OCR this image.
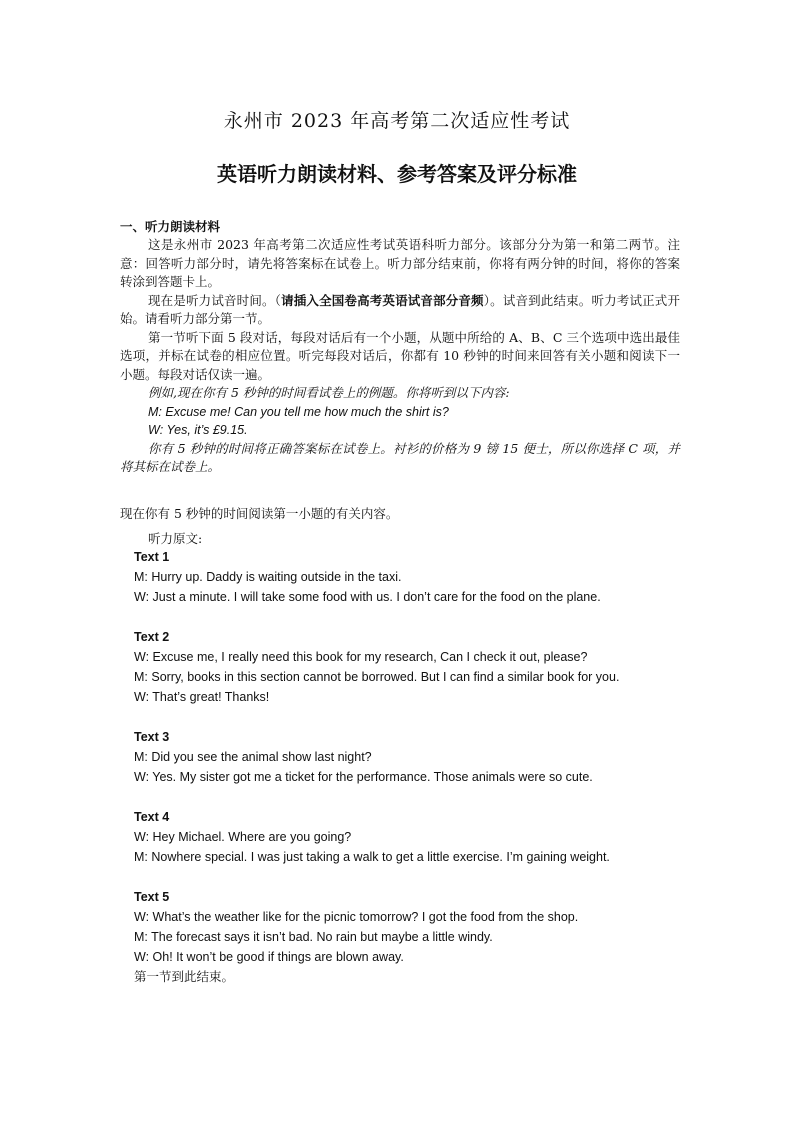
永州市 2023 年高考第二次适应性考试
英语听力朗读材料、参考答案及评分标准
一、听力朗读材料

这是永州市 2023 年高考第二次适应性考试英语科听力部分。该部分分为第一和第二两节。注意：回答听力部分时，请先将答案标在试卷上。听力部分结束前，你将有两分钟的时间，将你的答案转涂到答题卡上。

现在是听力试音时间。（请插入全国卷高考英语试音部分音频）。试音到此结束。听力考试正式开始。请看听力部分第一节。

第一节听下面 5 段对话，每段对话后有一个小题，从题中所给的 A、B、C 三个选项中选出最佳选项，并标在试卷的相应位置。听完每段对话后，你都有 10 秒钟的时间来回答有关小题和阅读下一小题。每段对话仅读一遍。

例如,现在你有 5 秒钟的时间看试卷上的例题。你将听到以下内容:
M: Excuse me! Can you tell me how much the shirt is?
W: Yes, it’s £9.15.

你有 5 秒钟的时间将正确答案标在试卷上。衬衫的价格为 9 镑 15 便士，所以你选择 C 项，并将其标在试卷上。

现在你有 5 秒钟的时间阅读第一小题的有关内容。
听力原文:
Text 1
M: Hurry up. Daddy is waiting outside in the taxi.
W: Just a minute. I will take some food with us. I don’t care for the food on the plane.
Text 2
W: Excuse me, I really need this book for my research, Can I check it out, please?
M: Sorry, books in this section cannot be borrowed. But I can find a similar book for you.
W: That’s great! Thanks!
Text 3
M: Did you see the animal show last night?
W: Yes. My sister got me a ticket for the performance. Those animals were so cute.
Text 4
W: Hey Michael. Where are you going?
M: Nowhere special. I was just taking a walk to get a little exercise. I’m gaining weight.
Text 5
W: What’s the weather like for the picnic tomorrow? I got the food from the shop.
M: The forecast says it isn’t bad. No rain but maybe a little windy.
W: Oh! It won’t be good if things are blown away.
第一节到此结束。
